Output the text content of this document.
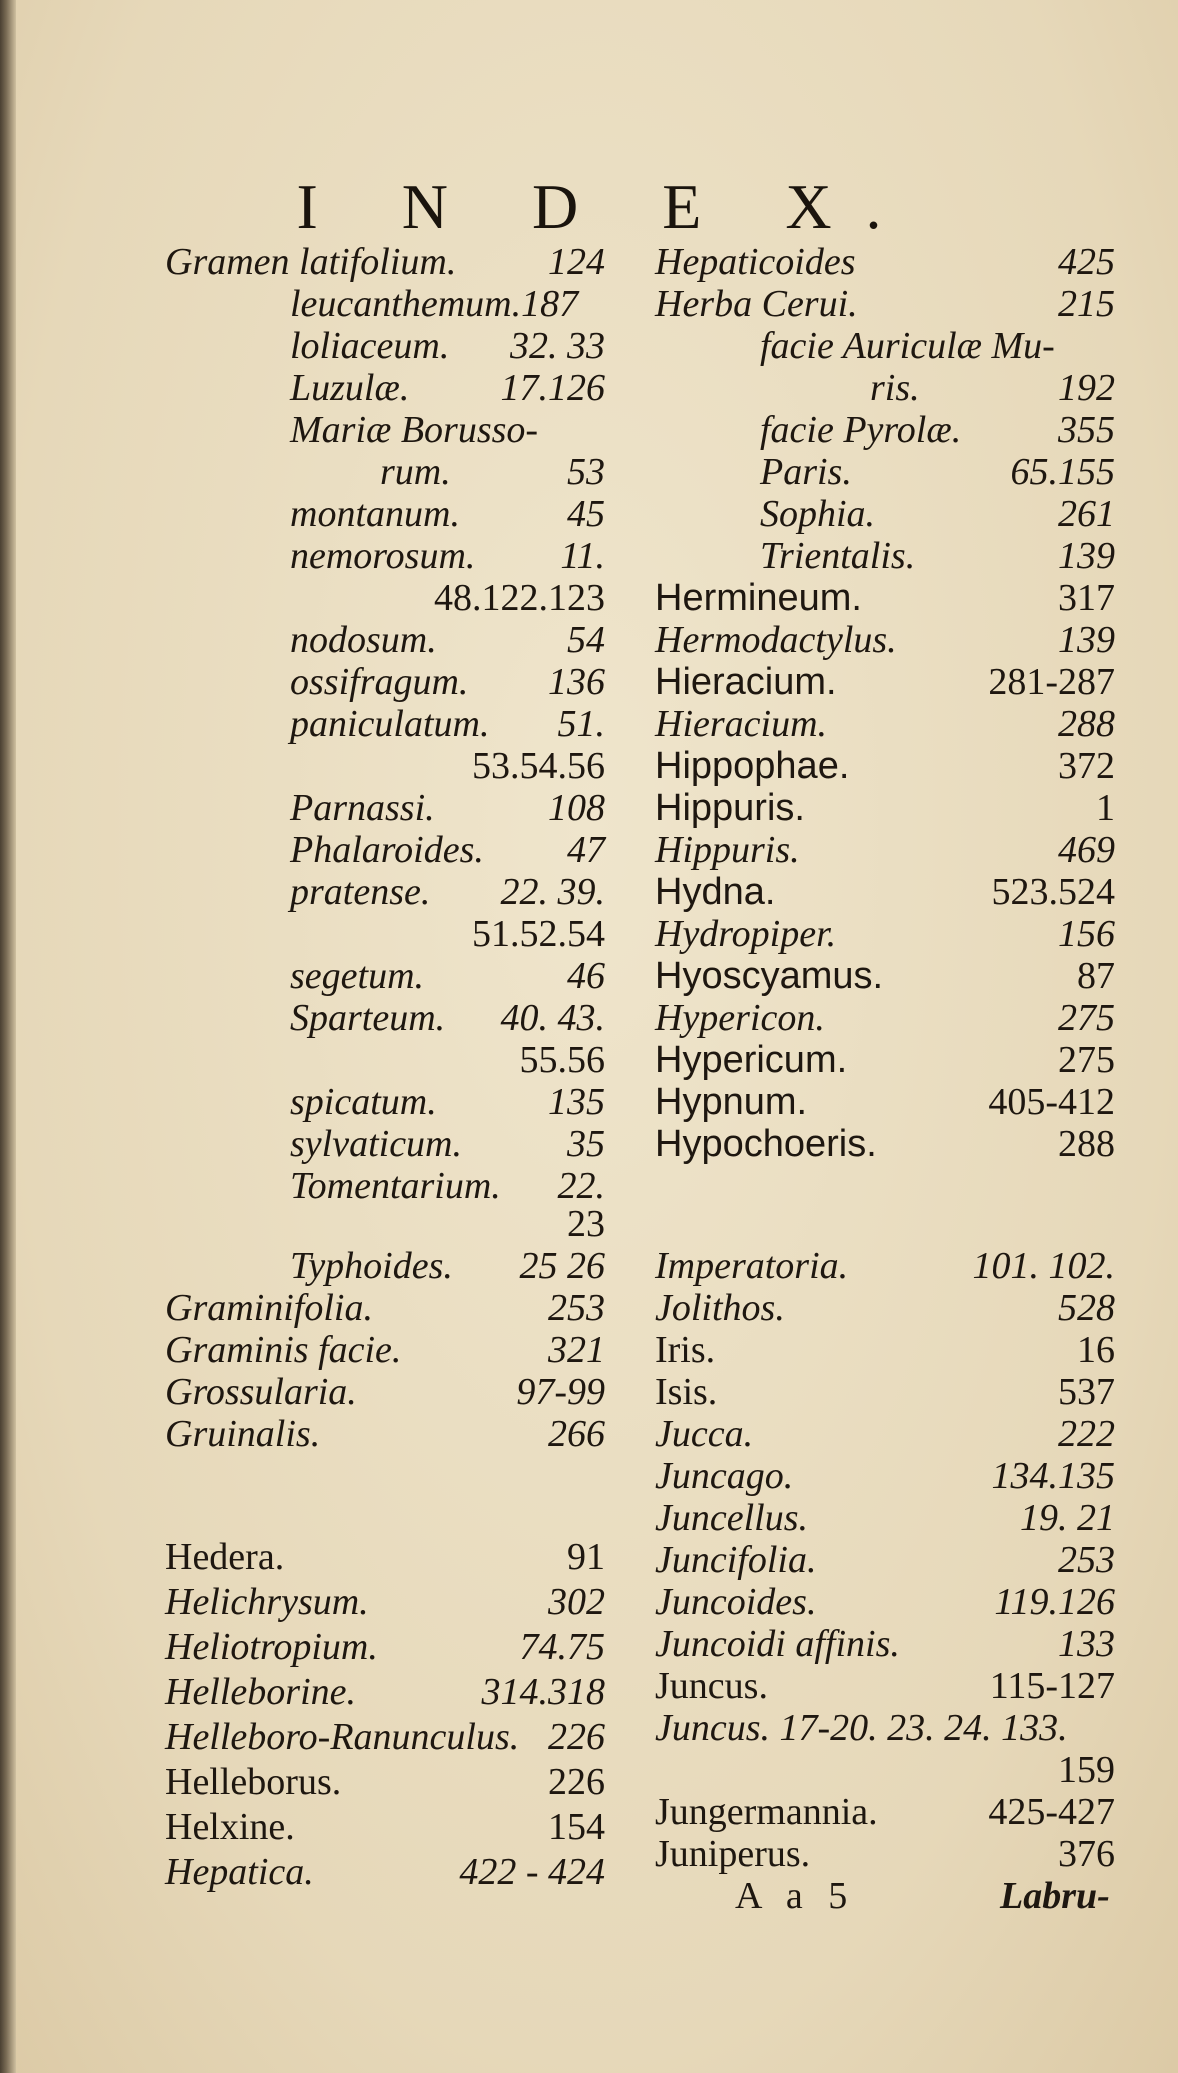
I N D E X.
Gramen latifolium. 124
leucanthemum.187
loliaceum. 32. 33
Luzulæ. 17.126
Mariæ Borusso-
rum.	53
montanum.	45
nemorosum. 11.
48.122.123
nodosum.	54
ossifragum. 136
paniculatum. 51.
53.54.56
Parnassi.	108
Phalaroides. 47
pratense. 22. 39.
51.52.54
segetum.	46
Sparteum. 40. 43.
55.56
spicatum.	135
sylvaticum.	35
Tomentarium. 22.
23
Typhoides. 25 26
Graminifolia.	253
Graminis facie.	321
Grossularia.	97-99
Gruinalis.	266
Hedera.	91
Helichrysum.	302
Heliotropium.	74.75
Helleborine.	314.318
Helleboro-Ranunculus. 226
Helleborus.	226
Helxine.	154
Hepatica.	422 - 424
Hepaticoides	425
Herba Cerui.	215
facie Auriculæ Mu-
ris.	192
facie Pyrolæ.	355
Paris.	65.155
Sophia.	261
Trientalis.	139
Hermineum.	317
Hermodactylus.	139
Hieracium.	281-287
Hieracium.	288
Hippophae.	372
Hippuris.	1
Hippuris.	469
Hydna.	523.524
Hydropiper.	156
Hyoscyamus.	87
Hypericon.	275
Hypericum.	275
Hypnum.	405-412
Hypochoeris.	288
Imperatoria.	101. 102.
Jolithos.	528
Iris.	16
Isis.	537
Jucca.	222
Juncago.	134.135
Juncellus.	19. 21
Juncifolia.	253
Juncoides.	119.126
Juncoidi affinis.	133
Juncus.	115-127
Juncus. 17-20. 23. 24. 133.
159
Jungermannia.	425-427
Juniperus.	376
A a 5	Labru-
